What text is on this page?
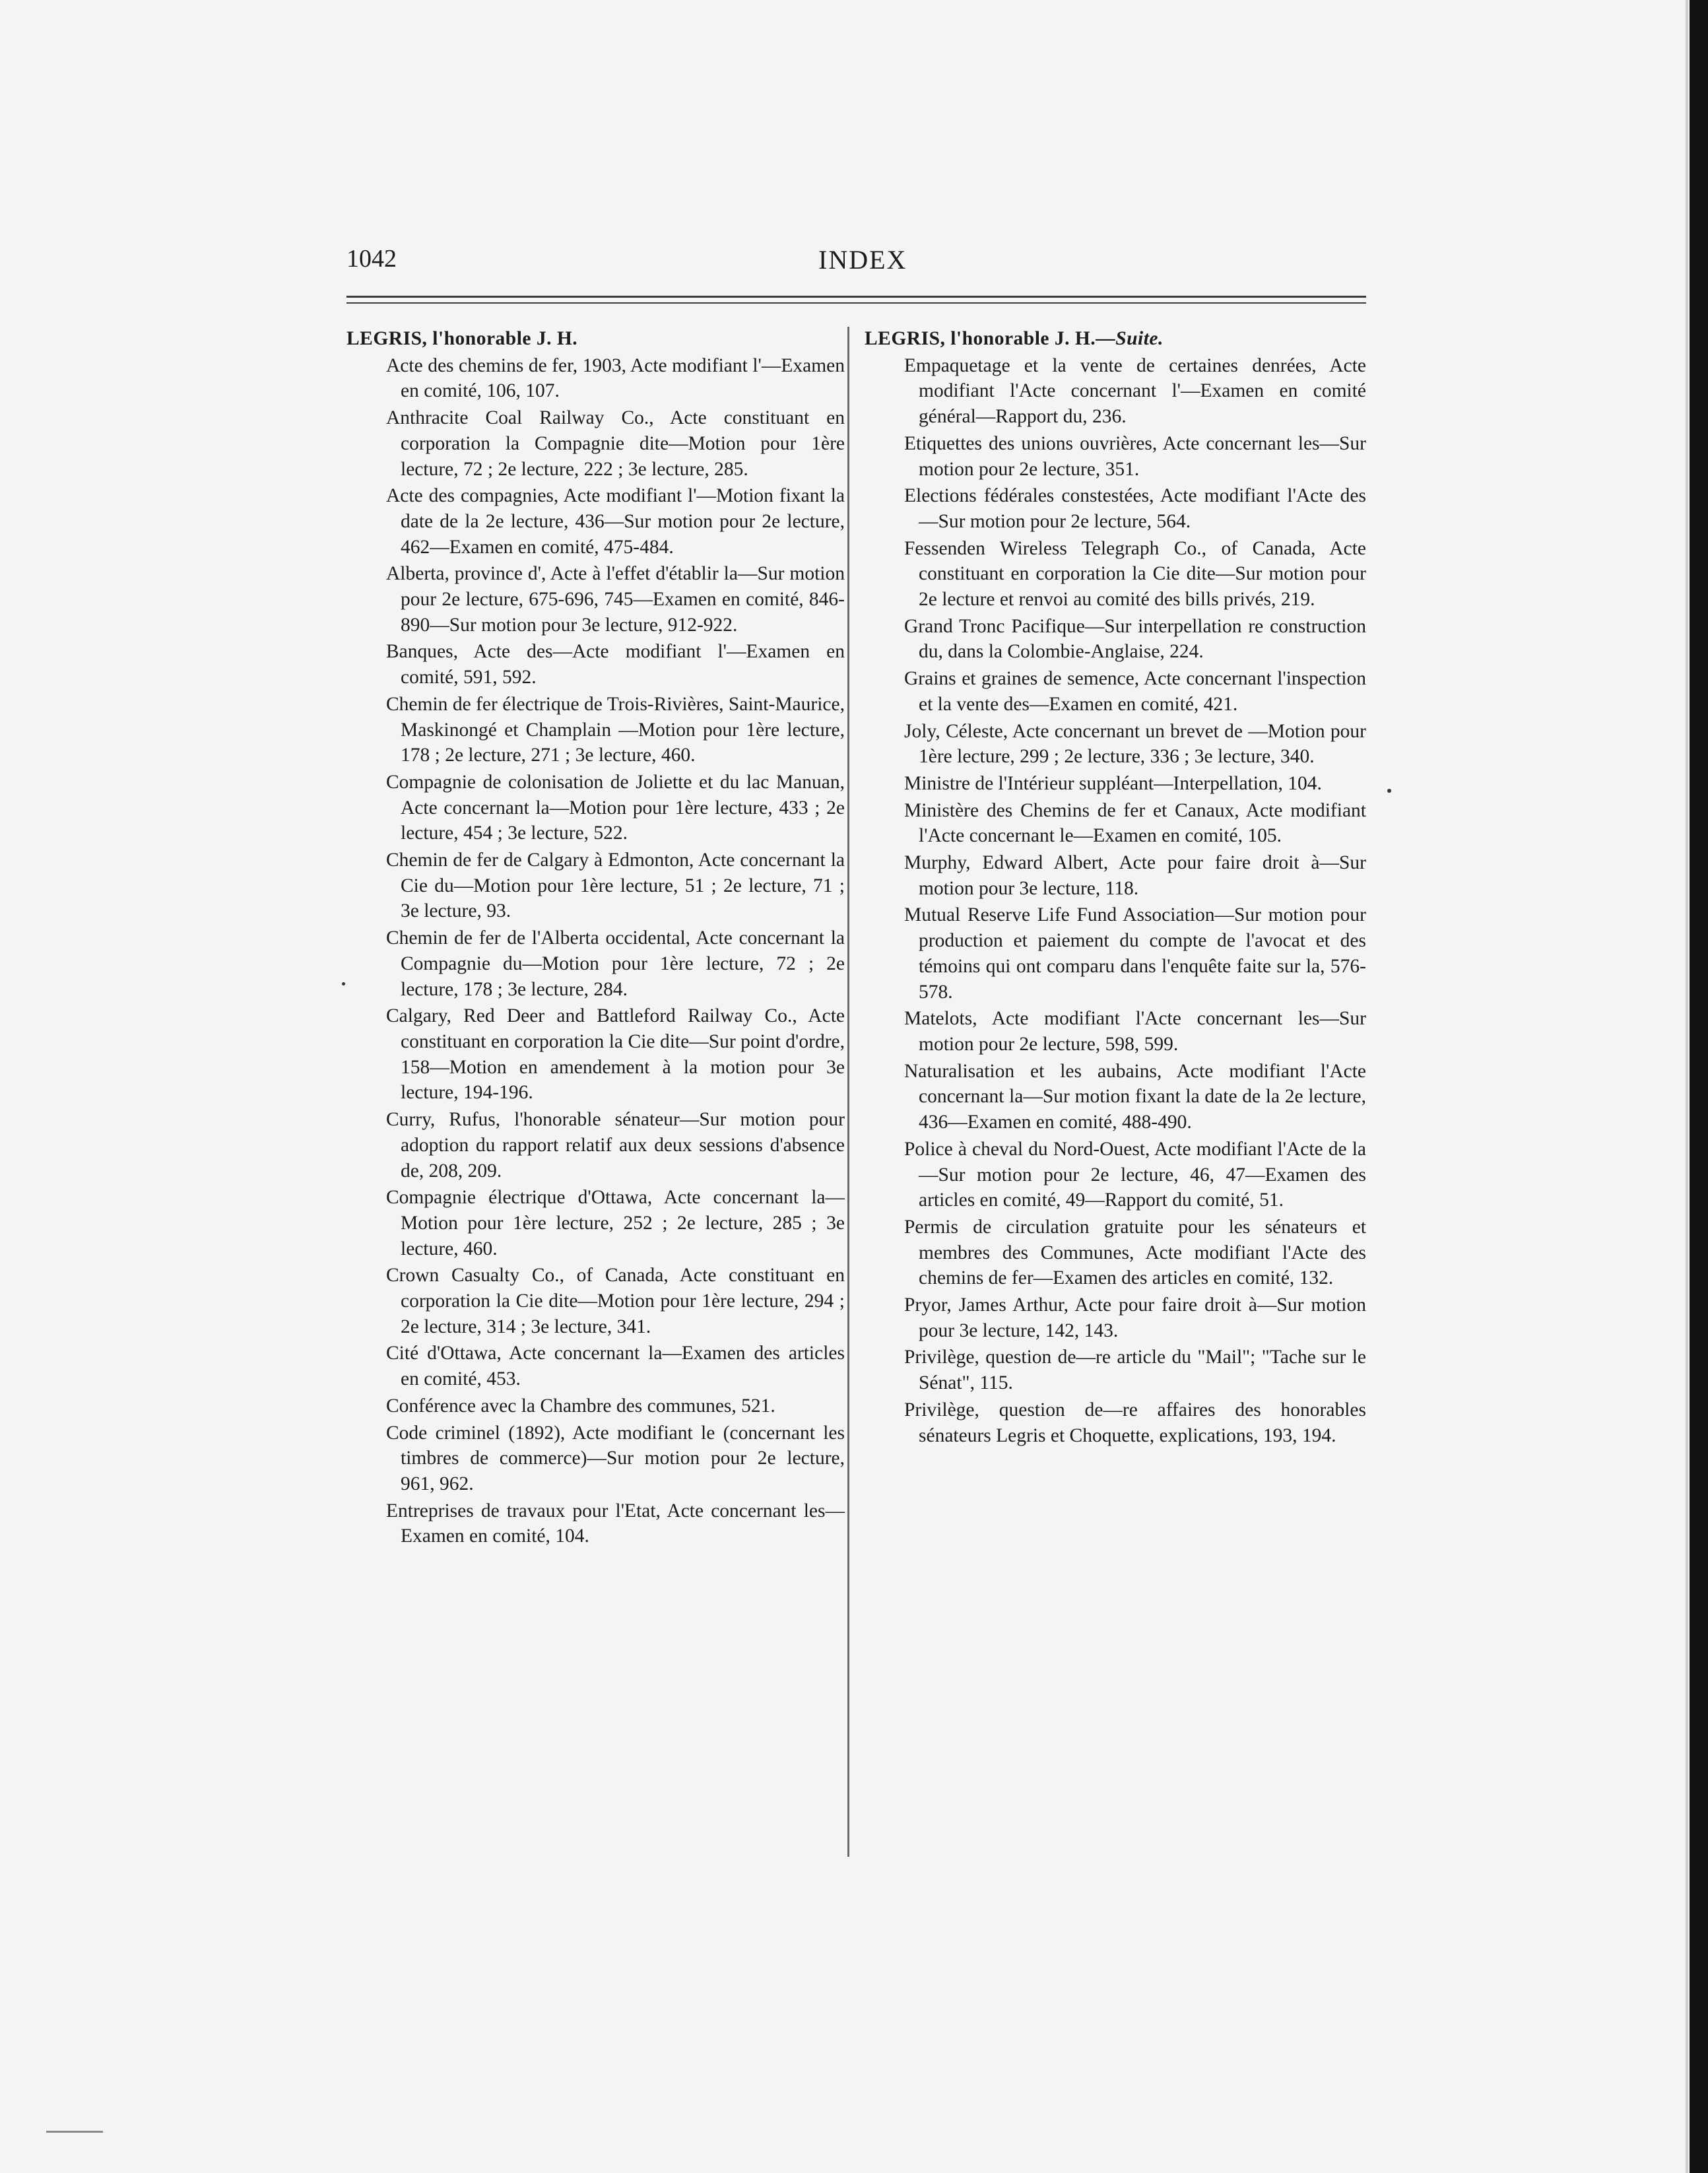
1042	INDEX
LEGRIS, l'honorable J. H.
Acte des chemins de fer, 1903, Acte modifiant l'—Examen en comité, 106, 107.
Anthracite Coal Railway Co., Acte constituant en corporation la Compagnie dite—Motion pour 1ère lecture, 72 ; 2e lecture, 222 ; 3e lecture, 285.
Acte des compagnies, Acte modifiant l'—Motion fixant la date de la 2e lecture, 436—Sur motion pour 2e lecture, 462—Examen en comité, 475-484.
Alberta, province d', Acte à l'effet d'établir la—Sur motion pour 2e lecture, 675-696, 745—Examen en comité, 846-890—Sur motion pour 3e lecture, 912-922.
Banques, Acte des—Acte modifiant l'—Examen en comité, 591, 592.
Chemin de fer électrique de Trois-Rivières, Saint-Maurice, Maskinongé et Champlain —Motion pour 1ère lecture, 178 ; 2e lecture, 271 ; 3e lecture, 460.
Compagnie de colonisation de Joliette et du lac Manuan, Acte concernant la—Motion pour 1ère lecture, 433 ; 2e lecture, 454 ; 3e lecture, 522.
Chemin de fer de Calgary à Edmonton, Acte concernant la Cie du—Motion pour 1ère lecture, 51 ; 2e lecture, 71 ; 3e lecture, 93.
Chemin de fer de l'Alberta occidental, Acte concernant la Compagnie du—Motion pour 1ère lecture, 72 ; 2e lecture, 178 ; 3e lecture, 284.
Calgary, Red Deer and Battleford Railway Co., Acte constituant en corporation la Cie dite—Sur point d'ordre, 158—Motion en amendement à la motion pour 3e lecture, 194-196.
Curry, Rufus, l'honorable sénateur—Sur motion pour adoption du rapport relatif aux deux sessions d'absence de, 208, 209.
Compagnie électrique d'Ottawa, Acte concernant la—Motion pour 1ère lecture, 252 ; 2e lecture, 285 ; 3e lecture, 460.
Crown Casualty Co., of Canada, Acte constituant en corporation la Cie dite—Motion pour 1ère lecture, 294 ; 2e lecture, 314 ; 3e lecture, 341.
Cité d'Ottawa, Acte concernant la—Examen des articles en comité, 453.
Conférence avec la Chambre des communes, 521.
Code criminel (1892), Acte modifiant le (concernant les timbres de commerce)—Sur motion pour 2e lecture, 961, 962.
Entreprises de travaux pour l'Etat, Acte concernant les—Examen en comité, 104.
LEGRIS, l'honorable J. H.—Suite.
Empaquetage et la vente de certaines denrées, Acte modifiant l'Acte concernant l'—Examen en comité général—Rapport du, 236.
Etiquettes des unions ouvrières, Acte concernant les—Sur motion pour 2e lecture, 351.
Elections fédérales constestées, Acte modifiant l'Acte des—Sur motion pour 2e lecture, 564.
Fessenden Wireless Telegraph Co., of Canada, Acte constituant en corporation la Cie dite—Sur motion pour 2e lecture et renvoi au comité des bills privés, 219.
Grand Tronc Pacifique—Sur interpellation re construction du, dans la Colombie-Anglaise, 224.
Grains et graines de semence, Acte concernant l'inspection et la vente des—Examen en comité, 421.
Joly, Céleste, Acte concernant un brevet de —Motion pour 1ère lecture, 299 ; 2e lecture, 336 ; 3e lecture, 340.
Ministre de l'Intérieur suppléant—Interpellation, 104.
Ministère des Chemins de fer et Canaux, Acte modifiant l'Acte concernant le—Examen en comité, 105.
Murphy, Edward Albert, Acte pour faire droit à—Sur motion pour 3e lecture, 118.
Mutual Reserve Life Fund Association—Sur motion pour production et paiement du compte de l'avocat et des témoins qui ont comparu dans l'enquête faite sur la, 576-578.
Matelots, Acte modifiant l'Acte concernant les—Sur motion pour 2e lecture, 598, 599.
Naturalisation et les aubains, Acte modifiant l'Acte concernant la—Sur motion fixant la date de la 2e lecture, 436—Examen en comité, 488-490.
Police à cheval du Nord-Ouest, Acte modifiant l'Acte de la—Sur motion pour 2e lecture, 46, 47—Examen des articles en comité, 49—Rapport du comité, 51.
Permis de circulation gratuite pour les sénateurs et membres des Communes, Acte modifiant l'Acte des chemins de fer—Examen des articles en comité, 132.
Pryor, James Arthur, Acte pour faire droit à—Sur motion pour 3e lecture, 142, 143.
Privilège, question de—re article du "Mail"; "Tache sur le Sénat", 115.
Privilège, question de—re affaires des honorables sénateurs Legris et Choquette, explications, 193, 194.
